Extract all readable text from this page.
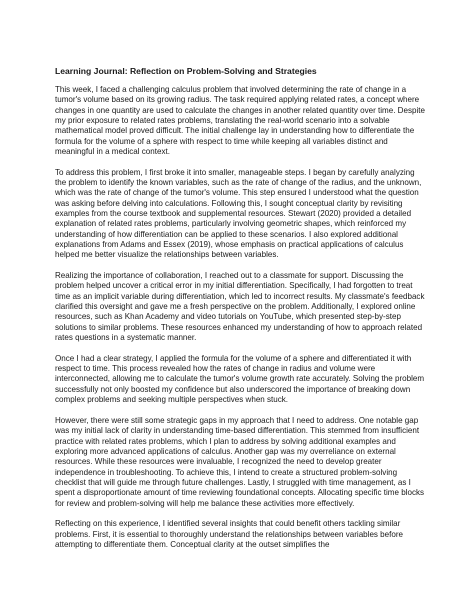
Learning Journal: Reflection on Problem-Solving and Strategies

This week, I faced a challenging calculus problem that involved determining the rate of change in a tumor's volume based on its growing radius. The task required applying related rates, a concept where changes in one quantity are used to calculate the changes in another related quantity over time. Despite my prior exposure to related rates problems, translating the real-world scenario into a solvable mathematical model proved difficult. The initial challenge lay in understanding how to differentiate the formula for the volume of a sphere with respect to time while keeping all variables distinct and meaningful in a medical context.

To address this problem, I first broke it into smaller, manageable steps. I began by carefully analyzing the problem to identify the known variables, such as the rate of change of the radius, and the unknown, which was the rate of change of the tumor's volume. This step ensured I understood what the question was asking before delving into calculations. Following this, I sought conceptual clarity by revisiting examples from the course textbook and supplemental resources. Stewart (2020) provided a detailed explanation of related rates problems, particularly involving geometric shapes, which reinforced my understanding of how differentiation can be applied to these scenarios. I also explored additional explanations from Adams and Essex (2019), whose emphasis on practical applications of calculus helped me better visualize the relationships between variables.

Realizing the importance of collaboration, I reached out to a classmate for support. Discussing the problem helped uncover a critical error in my initial differentiation. Specifically, I had forgotten to treat time as an implicit variable during differentiation, which led to incorrect results. My classmate's feedback clarified this oversight and gave me a fresh perspective on the problem. Additionally, I explored online resources, such as Khan Academy and video tutorials on YouTube, which presented step-by-step solutions to similar problems. These resources enhanced my understanding of how to approach related rates questions in a systematic manner.

Once I had a clear strategy, I applied the formula for the volume of a sphere and differentiated it with respect to time. This process revealed how the rates of change in radius and volume were interconnected, allowing me to calculate the tumor's volume growth rate accurately. Solving the problem successfully not only boosted my confidence but also underscored the importance of breaking down complex problems and seeking multiple perspectives when stuck.

However, there were still some strategic gaps in my approach that I need to address. One notable gap was my initial lack of clarity in understanding time-based differentiation. This stemmed from insufficient practice with related rates problems, which I plan to address by solving additional examples and exploring more advanced applications of calculus. Another gap was my overreliance on external resources. While these resources were invaluable, I recognized the need to develop greater independence in troubleshooting. To achieve this, I intend to create a structured problem-solving checklist that will guide me through future challenges. Lastly, I struggled with time management, as I spent a disproportionate amount of time reviewing foundational concepts. Allocating specific time blocks for review and problem-solving will help me balance these activities more effectively.

Reflecting on this experience, I identified several insights that could benefit others tackling similar problems. First, it is essential to thoroughly understand the relationships between variables before attempting to differentiate them. Conceptual clarity at the outset simplifies the
